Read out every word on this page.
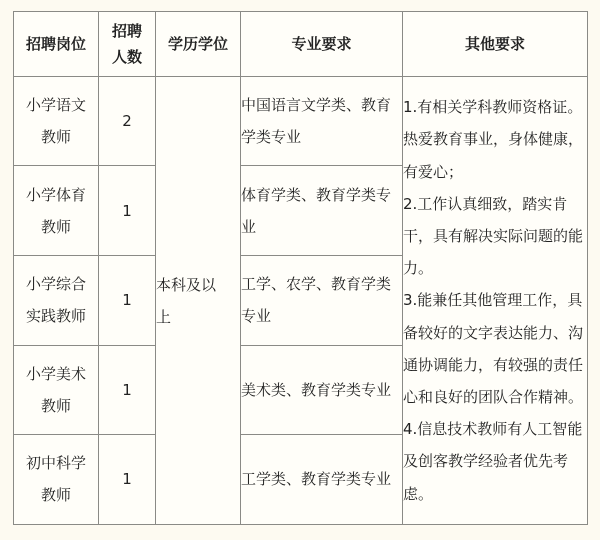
招聘岗位	招聘人数	学历学位	专业要求	其他要求

小学语文教师	2	本科及以上	中国语言文学类、教育学类专业	1.有相关学科教师资格证。热爱教育事业，身体健康，有爱心；

2.工作认真细致，踏实肯干，具有解决实际问题的能力。

3.能兼任其他管理工作，具备较好的文字表达能力、沟通协调能力，有较强的责任心和良好的团队合作精神。

4.信息技术教师有人工智能及创客教学经验者优先考虑。

小学体育教师	1		体育学类、教育学类专业	

小学综合实践教师	1		工学、农学、教育学类专业	

小学美术教师	1		美术类、教育学类专业	

初中科学教师	1		工学类、教育学类专业	
